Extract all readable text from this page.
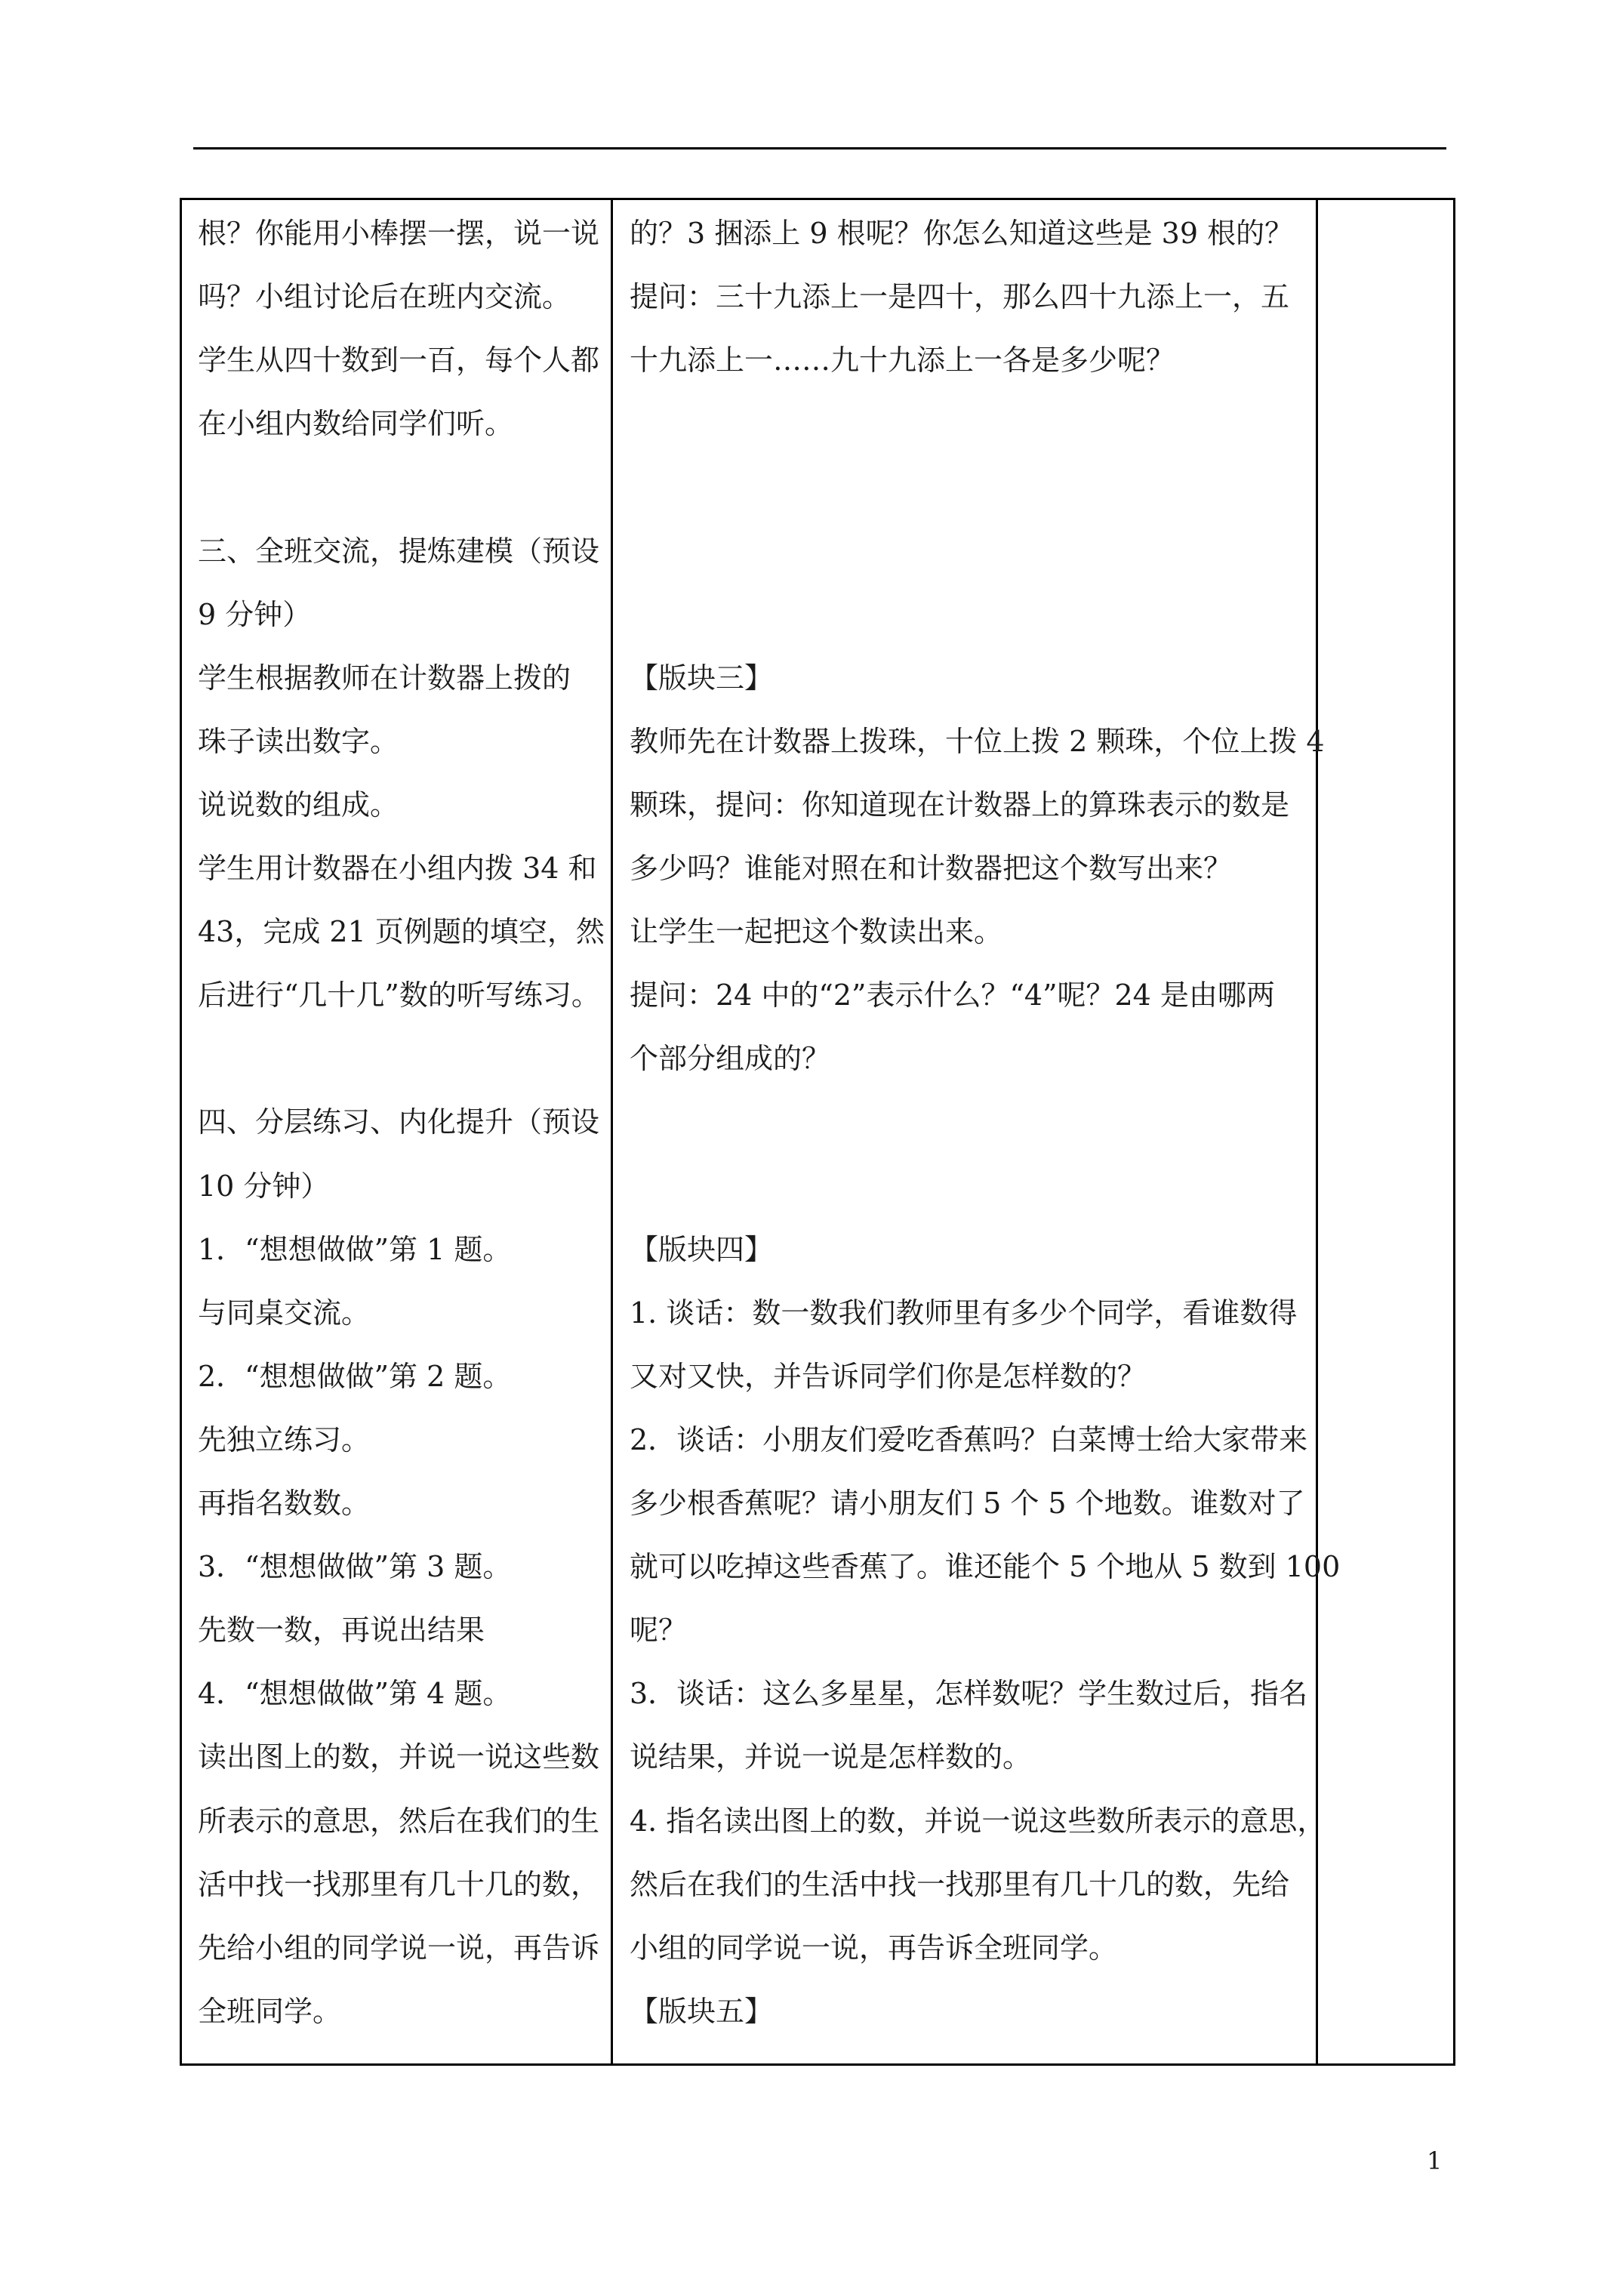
根？你能用小棒摆一摆，说一说
吗？小组讨论后在班内交流。
学生从四十数到一百，每个人都
在小组内数给同学们听。
三、全班交流，提炼建模（预设
9 分钟）
学生根据教师在计数器上拨的
珠子读出数字。
说说数的组成。
学生用计数器在小组内拨 34 和
43，完成 21 页例题的填空，然
后进行“几十几”数的听写练习。
四、分层练习、内化提升（预设
10 分钟）
1．“想想做做”第 1 题。
与同桌交流。
2．“想想做做”第 2 题。
先独立练习。
再指名数数。
3．“想想做做”第 3 题。
先数一数，再说出结果
4．“想想做做”第 4 题。
读出图上的数，并说一说这些数
所表示的意思，然后在我们的生
活中找一找那里有几十几的数，
先给小组的同学说一说，再告诉
全班同学。
的？3 捆添上 9 根呢？你怎么知道这些是 39 根的？
提问：三十九添上一是四十，那么四十九添上一，五
十九添上一……九十九添上一各是多少呢？
【版块三】
教师先在计数器上拨珠，十位上拨 2 颗珠，个位上拨 4
颗珠，提问：你知道现在计数器上的算珠表示的数是
多少吗？谁能对照在和计数器把这个数写出来？
让学生一起把这个数读出来。
提问：24 中的“2”表示什么？“4”呢？24 是由哪两
个部分组成的？
【版块四】
1. 谈话：数一数我们教师里有多少个同学，看谁数得
又对又快，并告诉同学们你是怎样数的？
2．谈话：小朋友们爱吃香蕉吗？白菜博士给大家带来
多少根香蕉呢？请小朋友们 5 个 5 个地数。谁数对了
就可以吃掉这些香蕉了。谁还能个 5 个地从 5 数到 100
呢？
3．谈话：这么多星星，怎样数呢？学生数过后，指名
说结果，并说一说是怎样数的。
4. 指名读出图上的数，并说一说这些数所表示的意思，
然后在我们的生活中找一找那里有几十几的数，先给
小组的同学说一说，再告诉全班同学。
【版块五】
1
